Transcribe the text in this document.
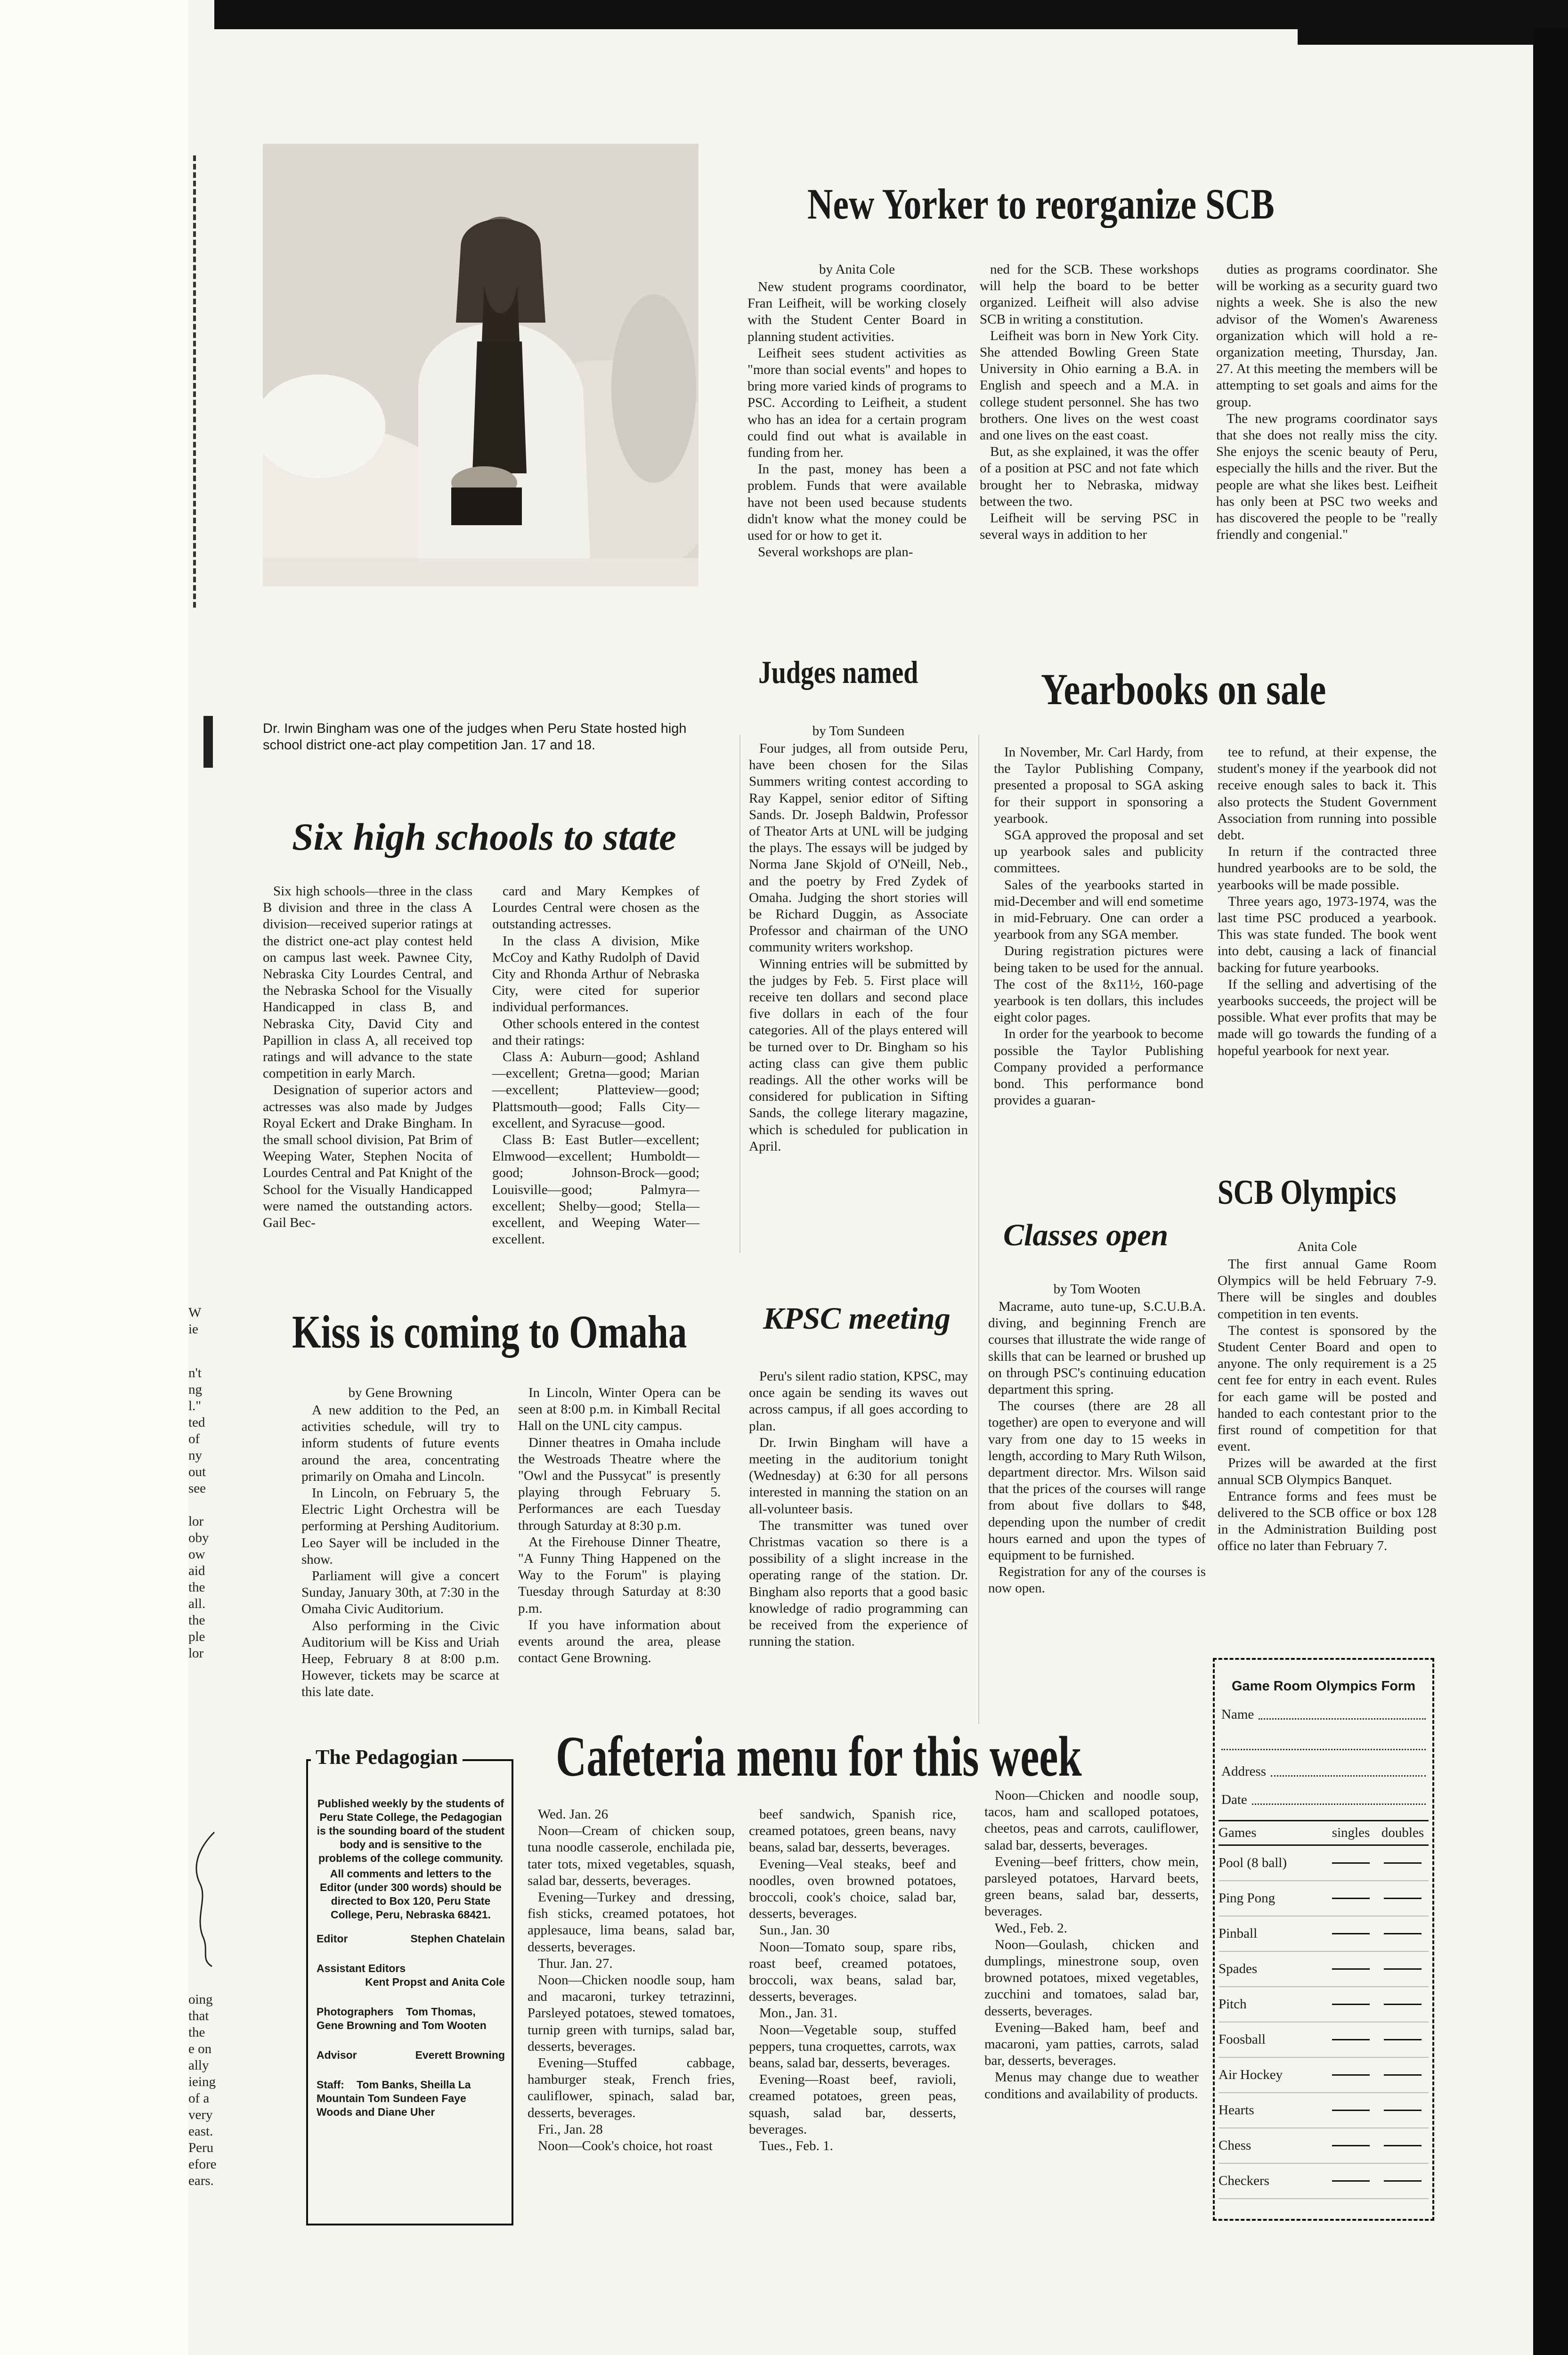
W
ie
n't
ng
l."
ted
of
ny
out
see
lor
oby
ow
aid
the
all.
the
ple
lor
oing
that
the
e on
ally
ieing
of a
very
east.
Peru
efore
ears.
Dr. Irwin Bingham was one of the judges when Peru State hosted high school district one-act play competition Jan. 17 and 18.
New Yorker to reorganize SCB
by Anita Cole

New student programs coordinator, Fran Leifheit, will be working closely with the Student Center Board in planning student activities.

Leifheit sees student activities as "more than social events" and hopes to bring more varied kinds of programs to PSC. According to Leifheit, a student who has an idea for a certain program could find out what is available in funding from her.

In the past, money has been a problem. Funds that were available have not been used because students didn't know what the money could be used for or how to get it.

Several workshops are plan-

ned for the SCB. These workshops will help the board to be better organized. Leifheit will also advise SCB in writing a constitution.

Leifheit was born in New York City. She attended Bowling Green State University in Ohio earning a B.A. in English and speech and a M.A. in college student personnel. She has two brothers. One lives on the west coast and one lives on the east coast.

But, as she explained, it was the offer of a position at PSC and not fate which brought her to Nebraska, midway between the two.

Leifheit will be serving PSC in several ways in addition to her

duties as programs coordinator. She will be working as a security guard two nights a week. She is also the new advisor of the Women's Awareness organization which will hold a re-organization meeting, Thursday, Jan. 27. At this meeting the members will be attempting to set goals and aims for the group.

The new programs coordinator says that she does not really miss the city. She enjoys the scenic beauty of Peru, especially the hills and the river. But the people are what she likes best. Leifheit has only been at PSC two weeks and has discovered the people to be "really friendly and congenial."

Six high schools to state

Six high schools—three in the class B division and three in the class A division—received superior ratings at the district one-act play contest held on campus last week. Pawnee City, Nebraska City Lourdes Central, and the Nebraska School for the Visually Handicapped in class B, and Nebraska City, David City and Papillion in class A, all received top ratings and will advance to the state competition in early March.

Designation of superior actors and actresses was also made by Judges Royal Eckert and Drake Bingham. In the small school division, Pat Brim of Weeping Water, Stephen Nocita of Lourdes Central and Pat Knight of the School for the Visually Handicapped were named the outstanding actors. Gail Bec-

card and Mary Kempkes of Lourdes Central were chosen as the outstanding actresses.

In the class A division, Mike McCoy and Kathy Rudolph of David City and Rhonda Arthur of Nebraska City, were cited for superior individual performances.

Other schools entered in the contest and their ratings:

Class A: Auburn—good; Ashland—excellent; Gretna—good; Marian—excellent; Platteview—good; Plattsmouth—good; Falls City—excellent, and Syracuse—good.

Class B: East Butler—excellent; Elmwood—excellent; Humboldt—good; Johnson-Brock—good; Louisville—good; Palmyra—excellent; Shelby—good; Stella—excellent, and Weeping Water—excellent.

Judges named
by Tom Sundeen

Four judges, all from outside Peru, have been chosen for the Silas Summers writing contest according to Ray Kappel, senior editor of Sifting Sands. Dr. Joseph Baldwin, Professor of Theator Arts at UNL will be judging the plays. The essays will be judged by Norma Jane Skjold of O'Neill, Neb., and the poetry by Fred Zydek of Omaha. Judging the short stories will be Richard Duggin, as Associate Professor and chairman of the UNO community writers workshop.

Winning entries will be submitted by the judges by Feb. 5. First place will receive ten dollars and second place five dollars in each of the four categories. All of the plays entered will be turned over to Dr. Bingham so his acting class can give them public readings. All the other works will be considered for publication in Sifting Sands, the college literary magazine, which is scheduled for publication in April.

Yearbooks on sale

In November, Mr. Carl Hardy, from the Taylor Publishing Company, presented a proposal to SGA asking for their support in sponsoring a yearbook.

SGA approved the proposal and set up yearbook sales and publicity committees.

Sales of the yearbooks started in mid-December and will end sometime in mid-February. One can order a yearbook from any SGA member.

During registration pictures were being taken to be used for the annual. The cost of the 8x11½, 160-page yearbook is ten dollars, this includes eight color pages.

In order for the yearbook to become possible the Taylor Publishing Company provided a performance bond. This performance bond provides a guaran-

tee to refund, at their expense, the student's money if the yearbook did not receive enough sales to back it. This also protects the Student Government Association from running into possible debt.

In return if the contracted three hundred yearbooks are to be sold, the yearbooks will be made possible.

Three years ago, 1973-1974, was the last time PSC produced a yearbook. This was state funded. The book went into debt, causing a lack of financial backing for future yearbooks.

If the selling and advertising of the yearbooks succeeds, the project will be possible. What ever profits that may be made will go towards the funding of a hopeful yearbook for next year.

SCB Olympics
Anita Cole

The first annual Game Room Olympics will be held February 7-9. There will be singles and doubles competition in ten events.

The contest is sponsored by the Student Center Board and open to anyone. The only requirement is a 25 cent fee for entry in each event. Rules for each game will be posted and handed to each contestant prior to the first round of competition for that event.

Prizes will be awarded at the first annual SCB Olympics Banquet.

Entrance forms and fees must be delivered to the SCB office or box 128 in the Administration Building post office no later than February 7.

Game Room Olympics Form
Name
Address
Date
Games	singles doubles
Pool (8 ball)
Ping Pong
Pinball
Spades
Pitch
Foosball
Air Hockey
Hearts
Chess
Checkers
Classes open
by Tom Wooten

Macrame, auto tune-up, S.C.U.B.A. diving, and beginning French are courses that illustrate the wide range of skills that can be learned or brushed up on through PSC's continuing education department this spring.

The courses (there are 28 all together) are open to everyone and will vary from one day to 15 weeks in length, according to Mary Ruth Wilson, department director. Mrs. Wilson said that the prices of the courses will range from about five dollars to $48, depending upon the number of credit hours earned and upon the types of equipment to be furnished.

Registration for any of the courses is now open.

KPSC meeting

Peru's silent radio station, KPSC, may once again be sending its waves out across campus, if all goes according to plan.

Dr. Irwin Bingham will have a meeting in the auditorium tonight (Wednesday) at 6:30 for all persons interested in manning the station on an all-volunteer basis.

The transmitter was tuned over Christmas vacation so there is a possibility of a slight increase in the operating range of the station. Dr. Bingham also reports that a good basic knowledge of radio programming can be received from the experience of running the station.

Kiss is coming to Omaha
by Gene Browning

A new addition to the Ped, an activities schedule, will try to inform students of future events around the area, concentrating primarily on Omaha and Lincoln.

In Lincoln, on February 5, the Electric Light Orchestra will be performing at Pershing Auditorium. Leo Sayer will be included in the show.

Parliament will give a concert Sunday, January 30th, at 7:30 in the Omaha Civic Auditorium.

Also performing in the Civic Auditorium will be Kiss and Uriah Heep, February 8 at 8:00 p.m. However, tickets may be scarce at this late date.

In Lincoln, Winter Opera can be seen at 8:00 p.m. in Kimball Recital Hall on the UNL city campus.

Dinner theatres in Omaha include the Westroads Theatre where the "Owl and the Pussycat" is presently playing through February 5. Performances are each Tuesday through Saturday at 8:30 p.m.

At the Firehouse Dinner Theatre, "A Funny Thing Happened on the Way to the Forum" is playing Tuesday through Saturday at 8:30 p.m.

If you have information about events around the area, please contact Gene Browning.

The Pedagogian

Published weekly by the students of Peru State College, the Pedagogian is the sounding board of the student body and is sensitive to the problems of the college community.

All comments and letters to the Editor (under 300 words) should be directed to Box 120, Peru State College, Peru, Nebraska 68421.

Editor	Stephen Chatelain
Assistant Editors
Kent Propst and Anita Cole
Photographers Tom Thomas, Gene Browning and Tom Wooten
Advisor	Everett Browning
Staff: Tom Banks, Sheilla La Mountain Tom Sundeen Faye Woods and Diane Uher
Cafeteria menu for this week

Wed. Jan. 26

Noon—Cream of chicken soup, tuna noodle casserole, enchilada pie, tater tots, mixed vegetables, squash, salad bar, desserts, beverages.

Evening—Turkey and dressing, fish sticks, creamed potatoes, hot applesauce, lima beans, salad bar, desserts, beverages.

Thur. Jan. 27.

Noon—Chicken noodle soup, ham and macaroni, turkey tetrazinni, Parsleyed potatoes, stewed tomatoes, turnip green with turnips, salad bar, desserts, beverages.

Evening—Stuffed cabbage, hamburger steak, French fries, cauliflower, spinach, salad bar, desserts, beverages.

Fri., Jan. 28

Noon—Cook's choice, hot roast

beef sandwich, Spanish rice, creamed potatoes, green beans, navy beans, salad bar, desserts, beverages.

Evening—Veal steaks, beef and noodles, oven browned potatoes, broccoli, cook's choice, salad bar, desserts, beverages.

Sun., Jan. 30

Noon—Tomato soup, spare ribs, roast beef, creamed potatoes, broccoli, wax beans, salad bar, desserts, beverages.

Mon., Jan. 31.

Noon—Vegetable soup, stuffed peppers, tuna croquettes, carrots, wax beans, salad bar, desserts, beverages.

Evening—Roast beef, ravioli, creamed potatoes, green peas, squash, salad bar, desserts, beverages.

Tues., Feb. 1.

Noon—Chicken and noodle soup, tacos, ham and scalloped potatoes, cheetos, peas and carrots, cauliflower, salad bar, desserts, beverages.

Evening—beef fritters, chow mein, parsleyed potatoes, Harvard beets, green beans, salad bar, desserts, beverages.

Wed., Feb. 2.

Noon—Goulash, chicken and dumplings, minestrone soup, oven browned potatoes, mixed vegetables, zucchini and tomatoes, salad bar, desserts, beverages.

Evening—Baked ham, beef and macaroni, yam patties, carrots, salad bar, desserts, beverages.

Menus may change due to weather conditions and availability of products.
